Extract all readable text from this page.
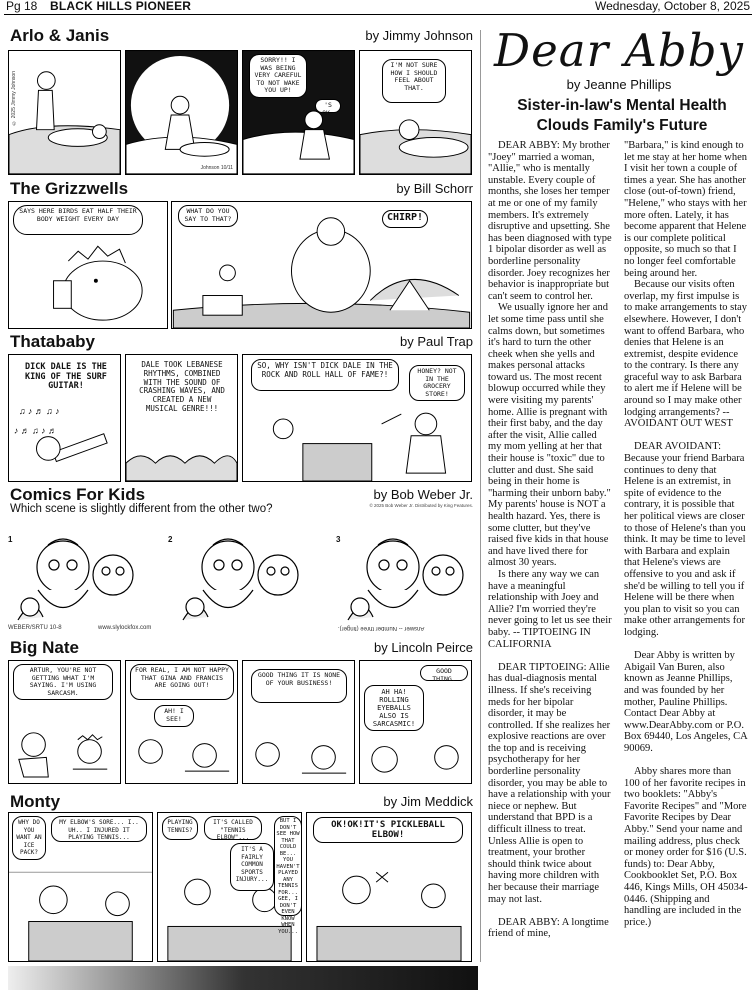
Pg 18 BLACK HILLS PIONEER	Wednesday, October 8, 2025
Arlo & Janis	by Jimmy Johnson
© 2025 Jimmy Johnson
Johnson 10/11
SORRY!! I WAS BEING VERY CAREFUL TO NOT WAKE YOU UP!
'S OK.
I'M NOT SURE HOW I SHOULD FEEL ABOUT THAT.
The Grizzwells	by Bill Schorr
SAYS HERE BIRDS EAT HALF THEIR BODY WEIGHT EVERY DAY
WHAT DO YOU SAY TO THAT?	CHIRP!
Thatababy	by Paul Trap
♫ ♪ ♬ ♫ ♪
♪ ♬ ♫ ♪ ♬
DICK DALE IS THE KING OF THE SURF GUITAR!
DALE TOOK LEBANESE RHYTHMS, COMBINED WITH THE SOUND OF CRASHING WAVES, AND CREATED A NEW MUSICAL GENRE!!!
SO, WHY ISN'T DICK DALE IN THE ROCK AND ROLL HALL OF FAME?!	HONEY? NOT IN THE GROCERY STORE!
Comics For Kids	by Bob Weber Jr.
Which scene is slightly different from the other two?	© 2025 Bob Weber Jr. Distributed by King Features.
1	2	3
WEBER/SRTU 10-8	www.slylockfox.com	Answer -- Number three (finger).
Big Nate	by Lincoln Peirce
ARTUR, YOU'RE NOT GETTING WHAT I'M SAYING. I'M USING SARCASM.
FOR REAL, I AM NOT HAPPY THAT GINA AND FRANCIS ARE GOING OUT!
AH! I SEE!
GOOD THING IT IS NONE OF YOUR BUSINESS!
AH HA! ROLLING EYEBALLS ALSO IS SARCASMIC!
GOOD THING.
Monty	by Jim Meddick
WHY DO YOU WANT AN ICE PACK?
MY ELBOW'S SORE... I.. UH.. I INJURED IT PLAYING TENNIS...
PLAYING TENNIS?
IT'S CALLED "TENNIS ELBOW"...
IT'S A FAIRLY COMMON SPORTS INJURY...
BUT I DON'T SEE HOW THAT COULD BE... YOU HAVEN'T PLAYED ANY TENNIS FOR... GEE, I DON'T EVEN KNOW WHEN YOU...
OK!OK!IT'S PICKLEBALL ELBOW!
Dear Abby
by Jeanne Phillips
Sister-in-law's Mental Health Clouds Family's Future

DEAR ABBY: My brother "Joey" married a woman, "Allie," who is mentally unstable. Every couple of months, she loses her temper at me or one of my family members. It's extremely disruptive and upsetting. She has been diagnosed with type 1 bipolar disorder as well as borderline personality disorder. Joey recognizes her behavior is inappropriate but can't seem to control her.

We usually ignore her and let some time pass until she calms down, but sometimes it's hard to turn the other cheek when she yells and makes personal attacks toward us. The most recent blowup occurred while they were visiting my parents' home. Allie is pregnant with their first baby, and the day after the visit, Allie called my mom yelling at her that their house is "toxic" due to clutter and dust. She said being in their home is "harming their unborn baby." My parents' house is NOT a health hazard. Yes, there is some clutter, but they've raised five kids in that house and have lived there for almost 30 years.

Is there any way we can have a meaningful relationship with Joey and Allie? I'm worried they're never going to let us see their baby. -- TIPTOEING IN CALIFORNIA

DEAR TIPTOEING: Allie has dual-diagnosis mental illness. If she's receiving meds for her bipolar disorder, it may be controlled. If she realizes her explosive reactions are over the top and is receiving psychotherapy for her borderline personality disorder, you may be able to have a relationship with your niece or nephew. But understand that BPD is a difficult illness to treat. Unless Allie is open to treatment, your brother should think twice about having more children with her because their marriage may not last.

DEAR ABBY: A longtime friend of mine,

"Barbara," is kind enough to let me stay at her home when I visit her town a couple of times a year. She has another close (out-of-town) friend, "Helene," who stays with her more often. Lately, it has become apparent that Helene is our complete political opposite, so much so that I no longer feel comfortable being around her.

Because our visits often overlap, my first impulse is to make arrangements to stay elsewhere. However, I don't want to offend Barbara, who denies that Helene is an extremist, despite evidence to the contrary. Is there any graceful way to ask Barbara to alert me if Helene will be around so I may make other lodging arrangements? -- AVOIDANT OUT WEST

DEAR AVOIDANT: Because your friend Barbara continues to deny that Helene is an extremist, in spite of evidence to the contrary, it is possible that her political views are closer to those of Helene's than you think. It may be time to level with Barbara and explain that Helene's views are offensive to you and ask if she'd be willing to tell you if Helene will be there when you plan to visit so you can make other arrangements for lodging.

Dear Abby is written by Abigail Van Buren, also known as Jeanne Phillips, and was founded by her mother, Pauline Phillips. Contact Dear Abby at www.DearAbby.com or P.O. Box 69440, Los Angeles, CA 90069.

Abby shares more than 100 of her favorite recipes in two booklets: "Abby's Favorite Recipes" and "More Favorite Recipes by Dear Abby." Send your name and mailing address, plus check or money order for $16 (U.S. funds) to: Dear Abby, Cookbooklet Set, P.O. Box 446, Kings Mills, OH 45034-0446. (Shipping and handling are included in the price.)
